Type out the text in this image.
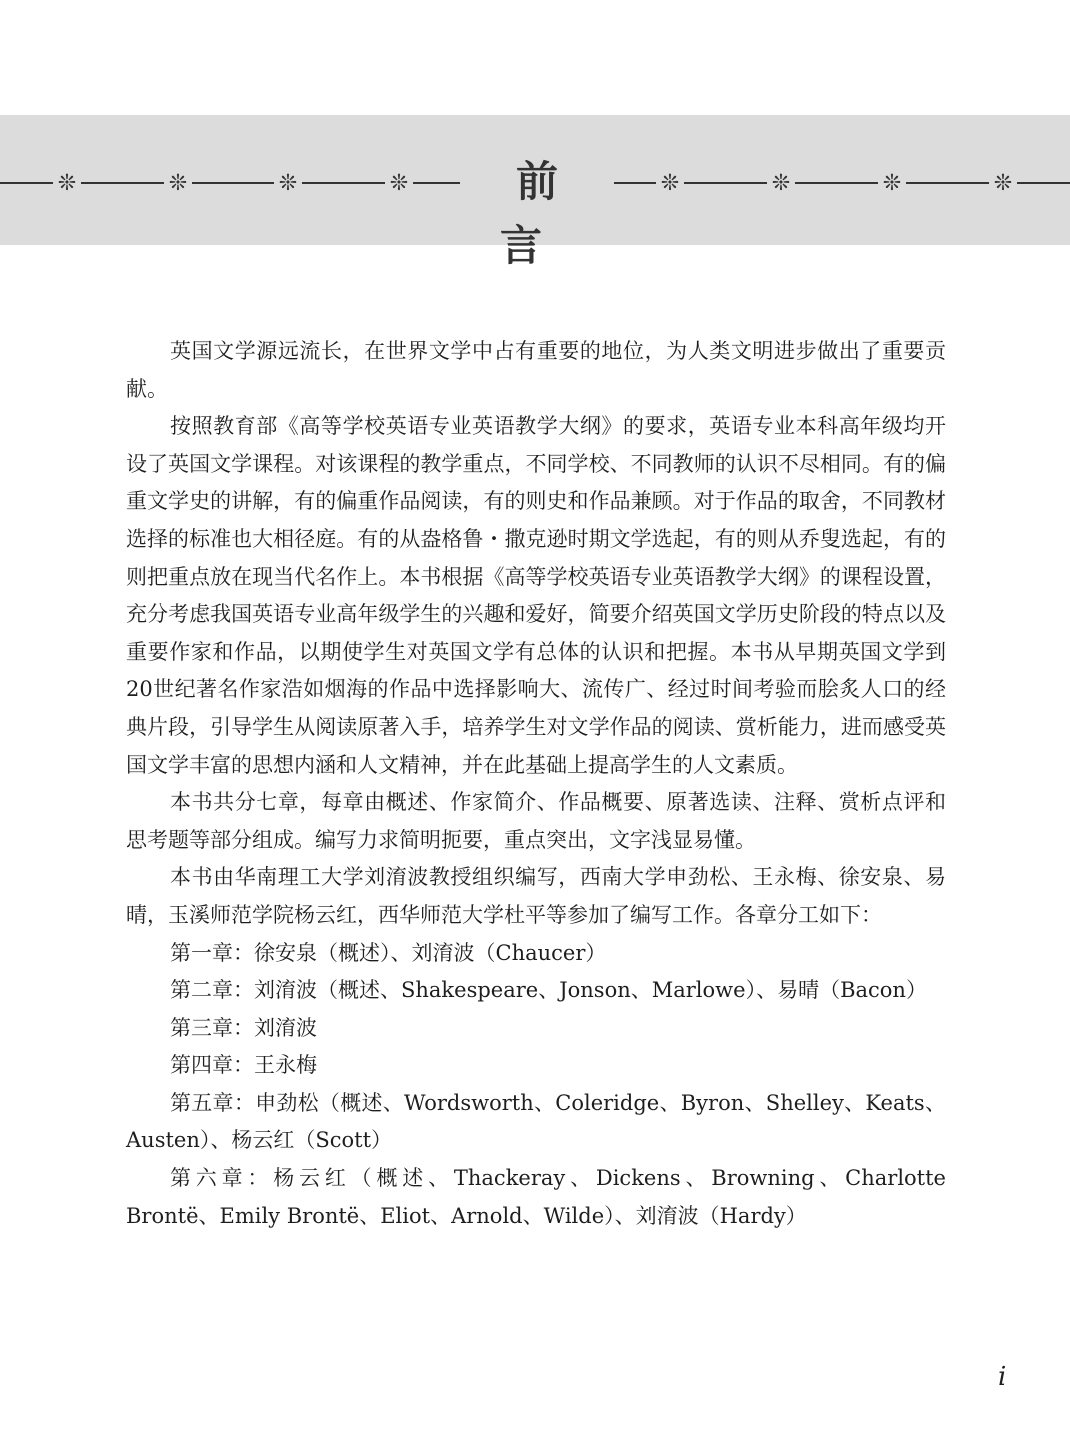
❊	❊	❊	❊	❊	❊	❊	❊
前言

英国文学源远流长，在世界文学中占有重要的地位，为人类文明进步做出了重要贡献。

按照教育部《高等学校英语专业英语教学大纲》的要求，英语专业本科高年级均开设了英国文学课程。对该课程的教学重点，不同学校、不同教师的认识不尽相同。有的偏重文学史的讲解，有的偏重作品阅读，有的则史和作品兼顾。对于作品的取舍，不同教材选择的标准也大相径庭。有的从盎格鲁・撒克逊时期文学选起，有的则从乔叟选起，有的则把重点放在现当代名作上。本书根据《高等学校英语专业英语教学大纲》的课程设置，充分考虑我国英语专业高年级学生的兴趣和爱好，简要介绍英国文学历史阶段的特点以及重要作家和作品，以期使学生对英国文学有总体的认识和把握。本书从早期英国文学到20世纪著名作家浩如烟海的作品中选择影响大、流传广、经过时间考验而脍炙人口的经典片段，引导学生从阅读原著入手，培养学生对文学作品的阅读、赏析能力，进而感受英国文学丰富的思想内涵和人文精神，并在此基础上提高学生的人文素质。

本书共分七章，每章由概述、作家简介、作品概要、原著选读、注释、赏析点评和思考题等部分组成。编写力求简明扼要，重点突出，文字浅显易懂。

本书由华南理工大学刘淯波教授组织编写，西南大学申劲松、王永梅、徐安泉、易晴，玉溪师范学院杨云红，西华师范大学杜平等参加了编写工作。各章分工如下：

第一章：徐安泉（概述）、刘淯波（Chaucer）

第二章：刘淯波（概述、Shakespeare、Jonson、Marlowe）、易晴（Bacon）

第三章：刘淯波

第四章：王永梅

第五章：申劲松（概述、Wordsworth、Coleridge、Byron、Shelley、Keats、Austen）、杨云红（Scott）

第六章：杨云红（概述、Thackeray、Dickens、Browning、Charlotte Brontë、Emily Brontë、Eliot、Arnold、Wilde）、刘淯波（Hardy）

i
